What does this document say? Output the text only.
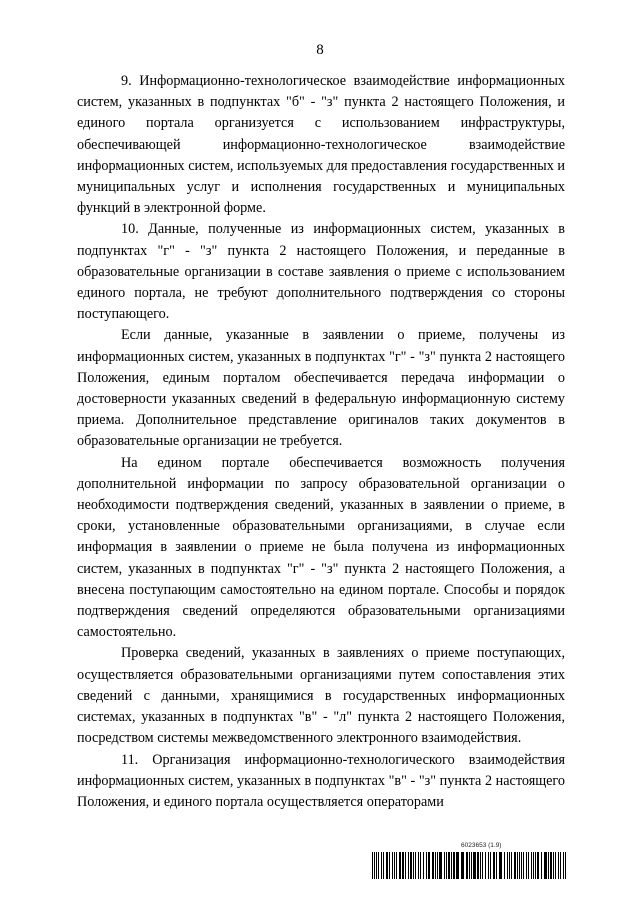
8

9. Информационно-технологическое взаимодействие информационных систем, указанных в подпунктах "б" - "з" пункта 2 настоящего Положения, и единого портала организуется с использованием инфраструктуры, обеспечивающей информационно-технологическое взаимодействие информационных систем, используемых для предоставления государственных и муниципальных услуг и исполнения государственных и муниципальных функций в электронной форме.

10. Данные, полученные из информационных систем, указанных в подпунктах "г" - "з" пункта 2 настоящего Положения, и переданные в образовательные организации в составе заявления о приеме с использованием единого портала, не требуют дополнительного подтверждения со стороны поступающего.

Если данные, указанные в заявлении о приеме, получены из информационных систем, указанных в подпунктах "г" - "з" пункта 2 настоящего Положения, единым порталом обеспечивается передача информации о достоверности указанных сведений в федеральную информационную систему приема. Дополнительное представление оригиналов таких документов в образовательные организации не требуется.

На едином портале обеспечивается возможность получения дополнительной информации по запросу образовательной организации о необходимости подтверждения сведений, указанных в заявлении о приеме, в сроки, установленные образовательными организациями, в случае если информация в заявлении о приеме не была получена из информационных систем, указанных в подпунктах "г" - "з" пункта 2 настоящего Положения, а внесена поступающим самостоятельно на едином портале. Способы и порядок подтверждения сведений определяются образовательными организациями самостоятельно.

Проверка сведений, указанных в заявлениях о приеме поступающих, осуществляется образовательными организациями путем сопоставления этих сведений с данными, хранящимися в государственных информационных системах, указанных в подпунктах "в" - "л" пункта 2 настоящего Положения, посредством системы межведомственного электронного взаимодействия.

11. Организация информационно-технологического взаимодействия информационных систем, указанных в подпунктах "в" - "з" пункта 2 настоящего Положения, и единого портала осуществляется операторами

6023653 (1.9)
